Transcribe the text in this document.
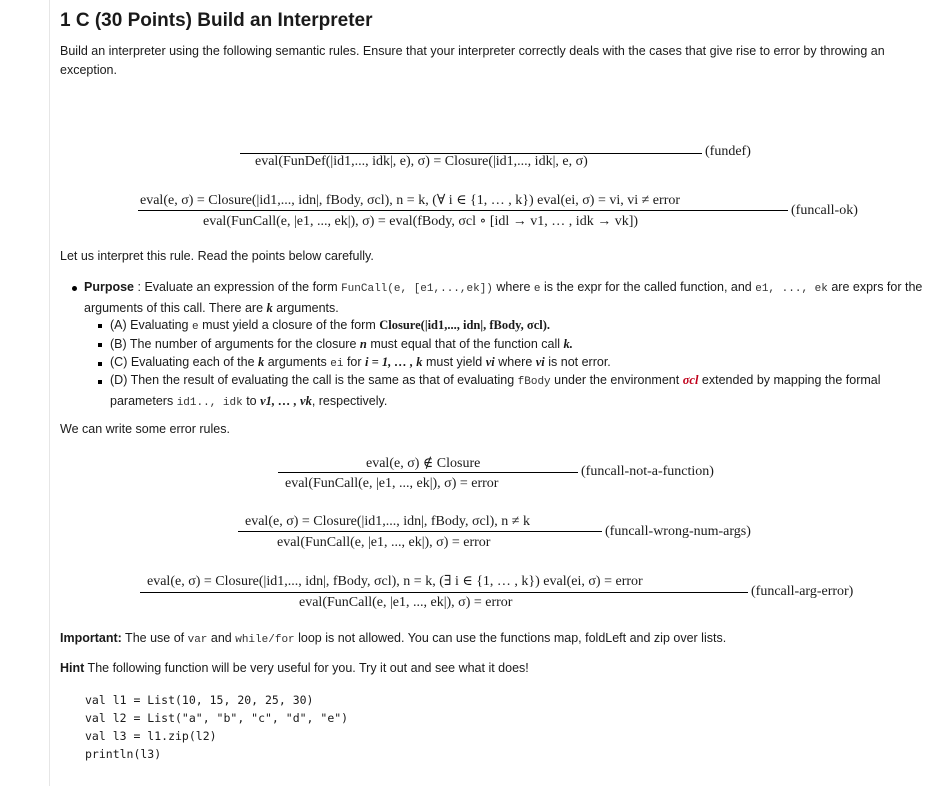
1 C (30 Points) Build an Interpreter

Build an interpreter using the following semantic rules. Ensure that your interpreter correctly deals with the cases that give rise to error by throwing an exception.

eval(FunDef(|id1,..., idk|, e), σ) = Closure(|id1,..., idk|, e, σ)
(fundef)
eval(e, σ) = Closure(|id1,..., idn|, fBody, σcl), n = k, (∀ i ∈ {1, … , k}) eval(ei, σ) = vi, vi ≠ error
eval(FunCall(e, |e1, ..., ek|), σ) = eval(fBody, σcl ∘ [idl → v1, … , idk → vk])
(funcall-ok)

Let us interpret this rule. Read the points below carefully.

Purpose : Evaluate an expression of the form FunCall(e, [e1,...,ek]) where e is the expr for the called function, and e1, ..., ek are exprs for the arguments of this call. There are k arguments.
(A) Evaluating e must yield a closure of the form Closure(|id1,..., idn|, fBody, σcl).
(B) The number of arguments for the closure n must equal that of the function call k.
(C) Evaluating each of the k arguments ei for i = 1, … , k must yield vi where vi is not error.
(D) Then the result of evaluating the call is the same as that of evaluating fBody under the environment σcl extended by mapping the formal parameters id1.., idk to v1, … , vk, respectively.

We can write some error rules.

eval(e, σ) ∉ Closure
eval(FunCall(e, |e1, ..., ek|), σ) = error
(funcall-not-a-function)
eval(e, σ) = Closure(|id1,..., idn|, fBody, σcl), n ≠ k
eval(FunCall(e, |e1, ..., ek|), σ) = error
(funcall-wrong-num-args)
eval(e, σ) = Closure(|id1,..., idn|, fBody, σcl), n = k, (∃ i ∈ {1, … , k}) eval(ei, σ) = error
eval(FunCall(e, |e1, ..., ek|), σ) = error
(funcall-arg-error)

Important: The use of var and while/for loop is not allowed. You can use the functions map, foldLeft and zip over lists.

Hint The following function will be very useful for you. Try it out and see what it does!

val l1 = List(10, 15, 20, 25, 30)
val l2 = List("a", "b", "c", "d", "e")
val l3 = l1.zip(l2)
println(l3)
